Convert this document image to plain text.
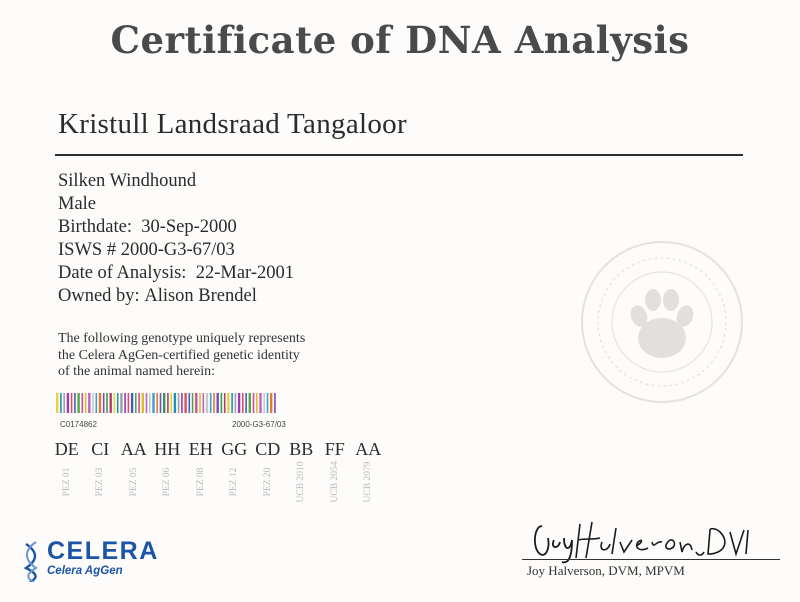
Certificate of DNA Analysis
Kristull Landsraad Tangaloor
Silken Windhound
Male
Birthdate: 30-Sep-2000
ISWS # 2000-G3-67/03
Date of Analysis: 22-Mar-2001
Owned by: Alison Brendel
The following genotype uniquely represents
the Celera AgGen-certified genetic identity
of the animal named herein:
C0174862	2000-G3-67/03
DE
PEZ 01
CI
PEZ 03
AA
PEZ 05
HH
PEZ 06
EH
PEZ 08
GG
PEZ 12
CD
PEZ 20
BB
UCB 2010
FF
UCB 2054
AA
UCB 2079
CELERA
Celera AgGen	Joy Halverson, DVM, MPVM
